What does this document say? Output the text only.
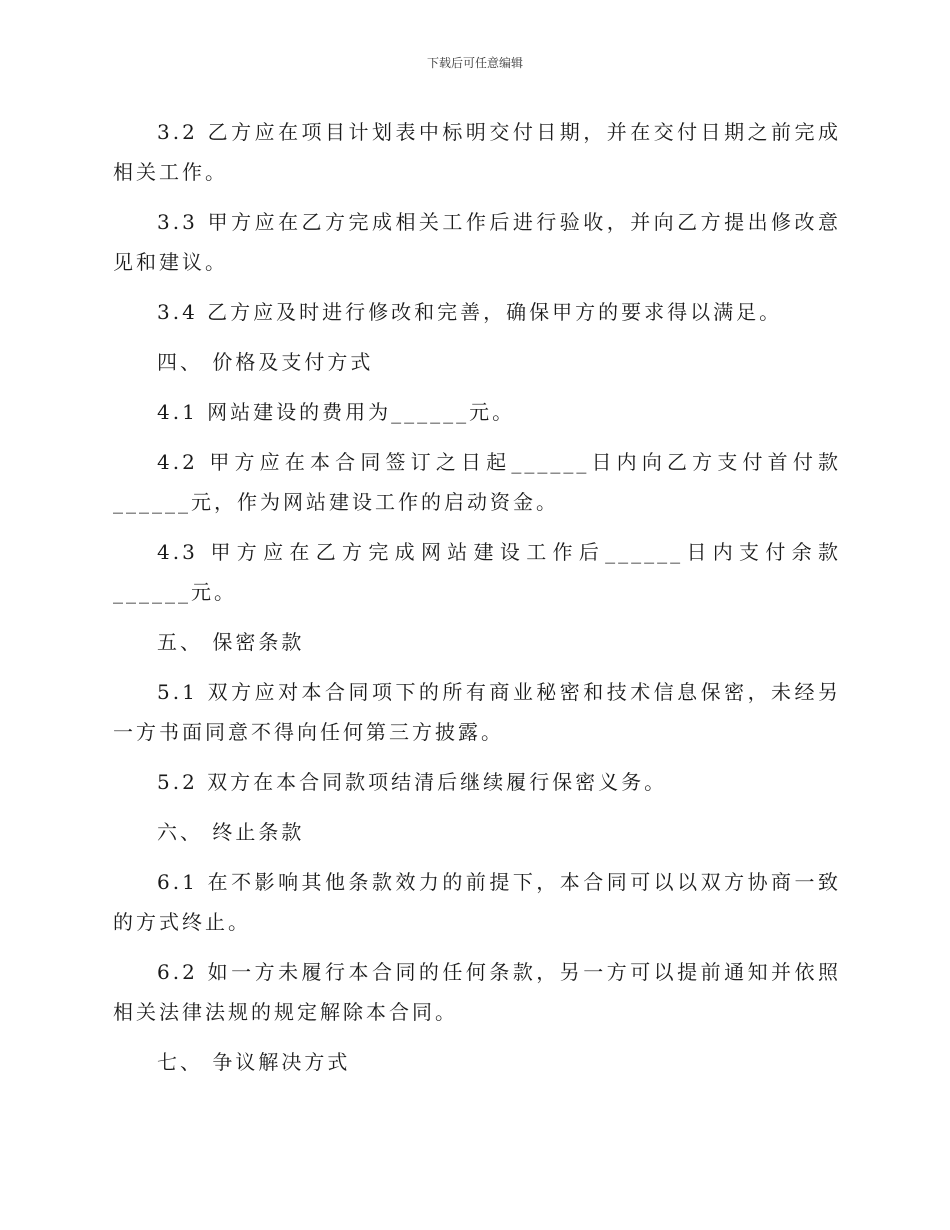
下载后可任意编辑

3.2 乙方应在项目计划表中标明交付日期，并在交付日期之前完成相关工作。

3.3 甲方应在乙方完成相关工作后进行验收，并向乙方提出修改意见和建议。

3.4 乙方应及时进行修改和完善，确保甲方的要求得以满足。

四、 价格及支付方式

4.1 网站建设的费用为______元。

4.2 甲方应在本合同签订之日起______日内向乙方支付首付款______元，作为网站建设工作的启动资金。

4.3 甲方应在乙方完成网站建设工作后______日内支付余款______元。

五、 保密条款

5.1 双方应对本合同项下的所有商业秘密和技术信息保密，未经另一方书面同意不得向任何第三方披露。

5.2 双方在本合同款项结清后继续履行保密义务。

六、 终止条款

6.1 在不影响其他条款效力的前提下，本合同可以以双方协商一致的方式终止。

6.2 如一方未履行本合同的任何条款，另一方可以提前通知并依照相关法律法规的规定解除本合同。

七、 争议解决方式
